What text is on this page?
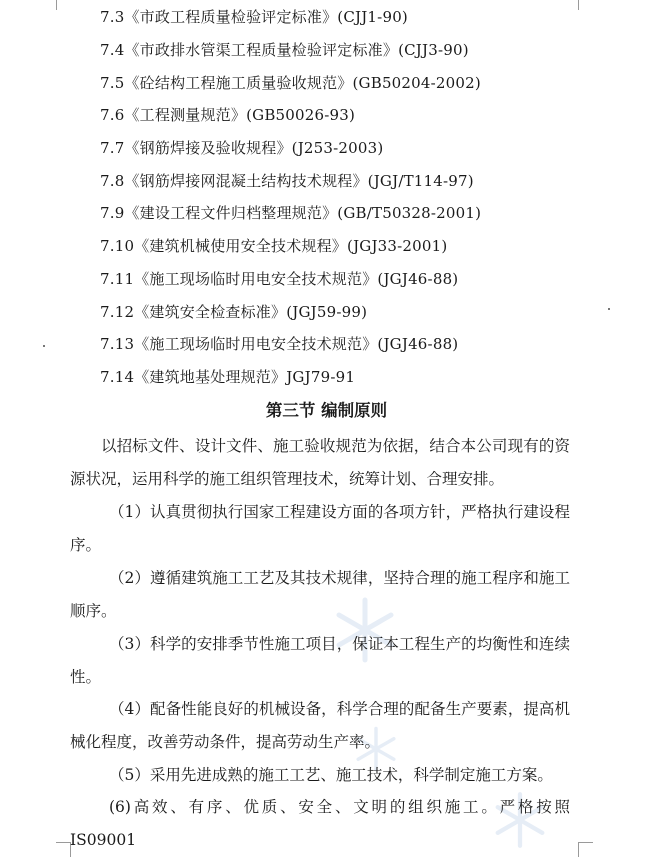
7.3《市政工程质量检验评定标准》(CJJ1-90)
7.4《市政排水管渠工程质量检验评定标准》(CJJ3-90)
7.5《砼结构工程施工质量验收规范》(GB50204-2002)
7.6《工程测量规范》(GB50026-93)
7.7《钢筋焊接及验收规程》(J253-2003)
7.8《钢筋焊接网混凝土结构技术规程》(JGJ/T114-97)
7.9《建设工程文件归档整理规范》(GB/T50328-2001)
7.10《建筑机械使用安全技术规程》(JGJ33-2001)
7.11《施工现场临时用电安全技术规范》(JGJ46-88)
7.12《建筑安全检查标准》(JGJ59-99)
7.13《施工现场临时用电安全技术规范》(JGJ46-88)
7.14《建筑地基处理规范》JGJ79-91
第三节 编制原则

以招标文件、设计文件、施工验收规范为依据，结合本公司现有的资源状况，运用科学的施工组织管理技术，统筹计划、合理安排。

（1）认真贯彻执行国家工程建设方面的各项方针，严格执行建设程序。

（2）遵循建筑施工工艺及其技术规律，坚持合理的施工程序和施工顺序。

（3）科学的安排季节性施工项目，保证本工程生产的均衡性和连续性。

（4）配备性能良好的机械设备，科学合理的配备生产要素，提高机械化程度，改善劳动条件，提高劳动生产率。

（5）采用先进成熟的施工工艺、施工技术，科学制定施工方案。

(6)高效、有序、优质、安全、文明的组织施工。严格按照 IS09001
